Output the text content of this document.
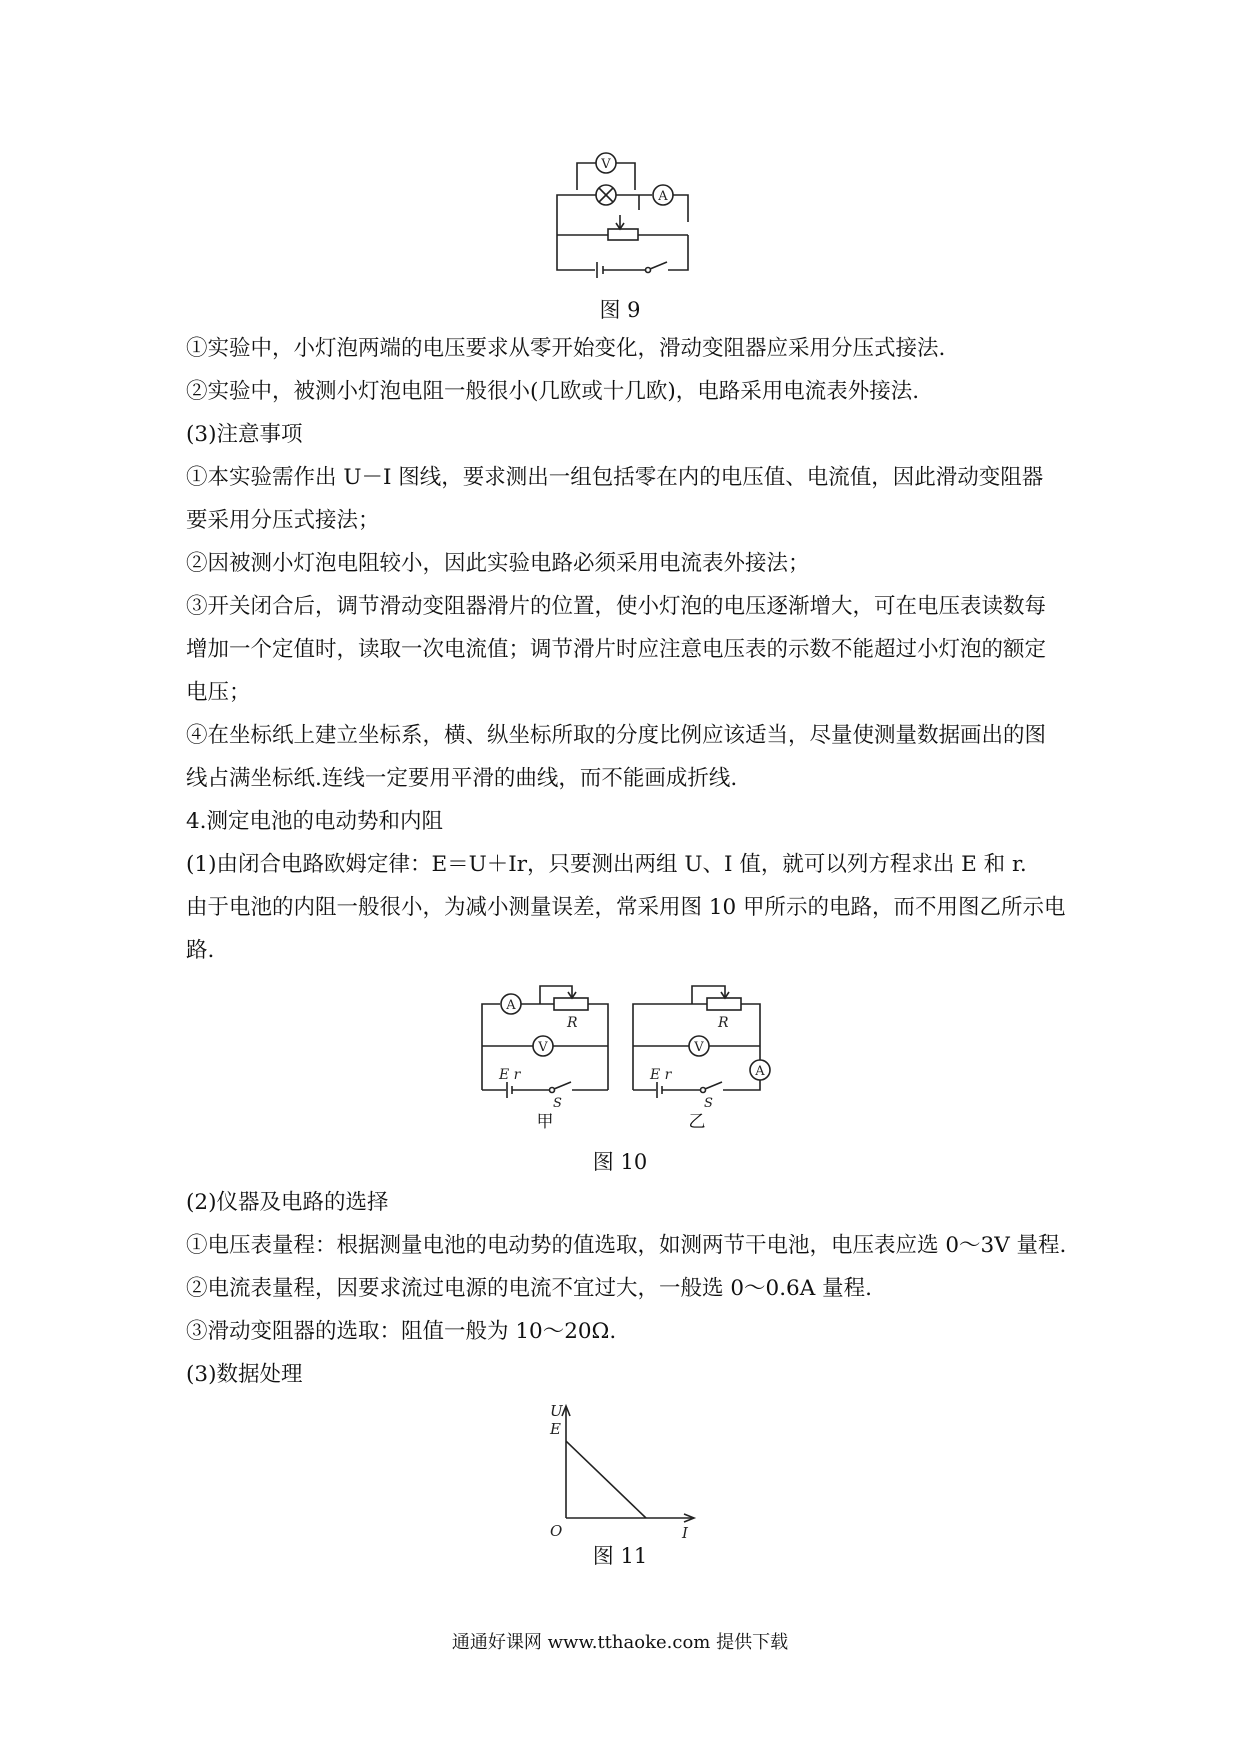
V
A
图 9
①实验中，小灯泡两端的电压要求从零开始变化，滑动变阻器应采用分压式接法.
②实验中，被测小灯泡电阻一般很小(几欧或十几欧)，电路采用电流表外接法.
(3)注意事项
①本实验需作出 U－I 图线，要求测出一组包括零在内的电压值、电流值，因此滑动变阻器
要采用分压式接法；
②因被测小灯泡电阻较小，因此实验电路必须采用电流表外接法；
③开关闭合后，调节滑动变阻器滑片的位置，使小灯泡的电压逐渐增大，可在电压表读数每
增加一个定值时，读取一次电流值；调节滑片时应注意电压表的示数不能超过小灯泡的额定
电压；
④在坐标纸上建立坐标系，横、纵坐标所取的分度比例应该适当，尽量使测量数据画出的图
线占满坐标纸.连线一定要用平滑的曲线，而不能画成折线.
4.测定电池的电动势和内阻
(1)由闭合电路欧姆定律：E＝U＋Ir，只要测出两组 U、I 值，就可以列方程求出 E 和 r.
由于电池的内阻一般很小，为减小测量误差，常采用图 10 甲所示的电路，而不用图乙所示电
路.
A
R
V
E r
S
R
V
A
E r
S
甲	乙
图 10
(2)仪器及电路的选择
①电压表量程：根据测量电池的电动势的值选取，如测两节干电池，电压表应选 0～3V 量程.
②电流表量程，因要求流过电源的电流不宜过大，一般选 0～0.6A 量程.
③滑动变阻器的选取：阻值一般为 10～20Ω.
(3)数据处理
U
E
O	I
图 11
通通好课网 www.tthaoke.com 提供下载
